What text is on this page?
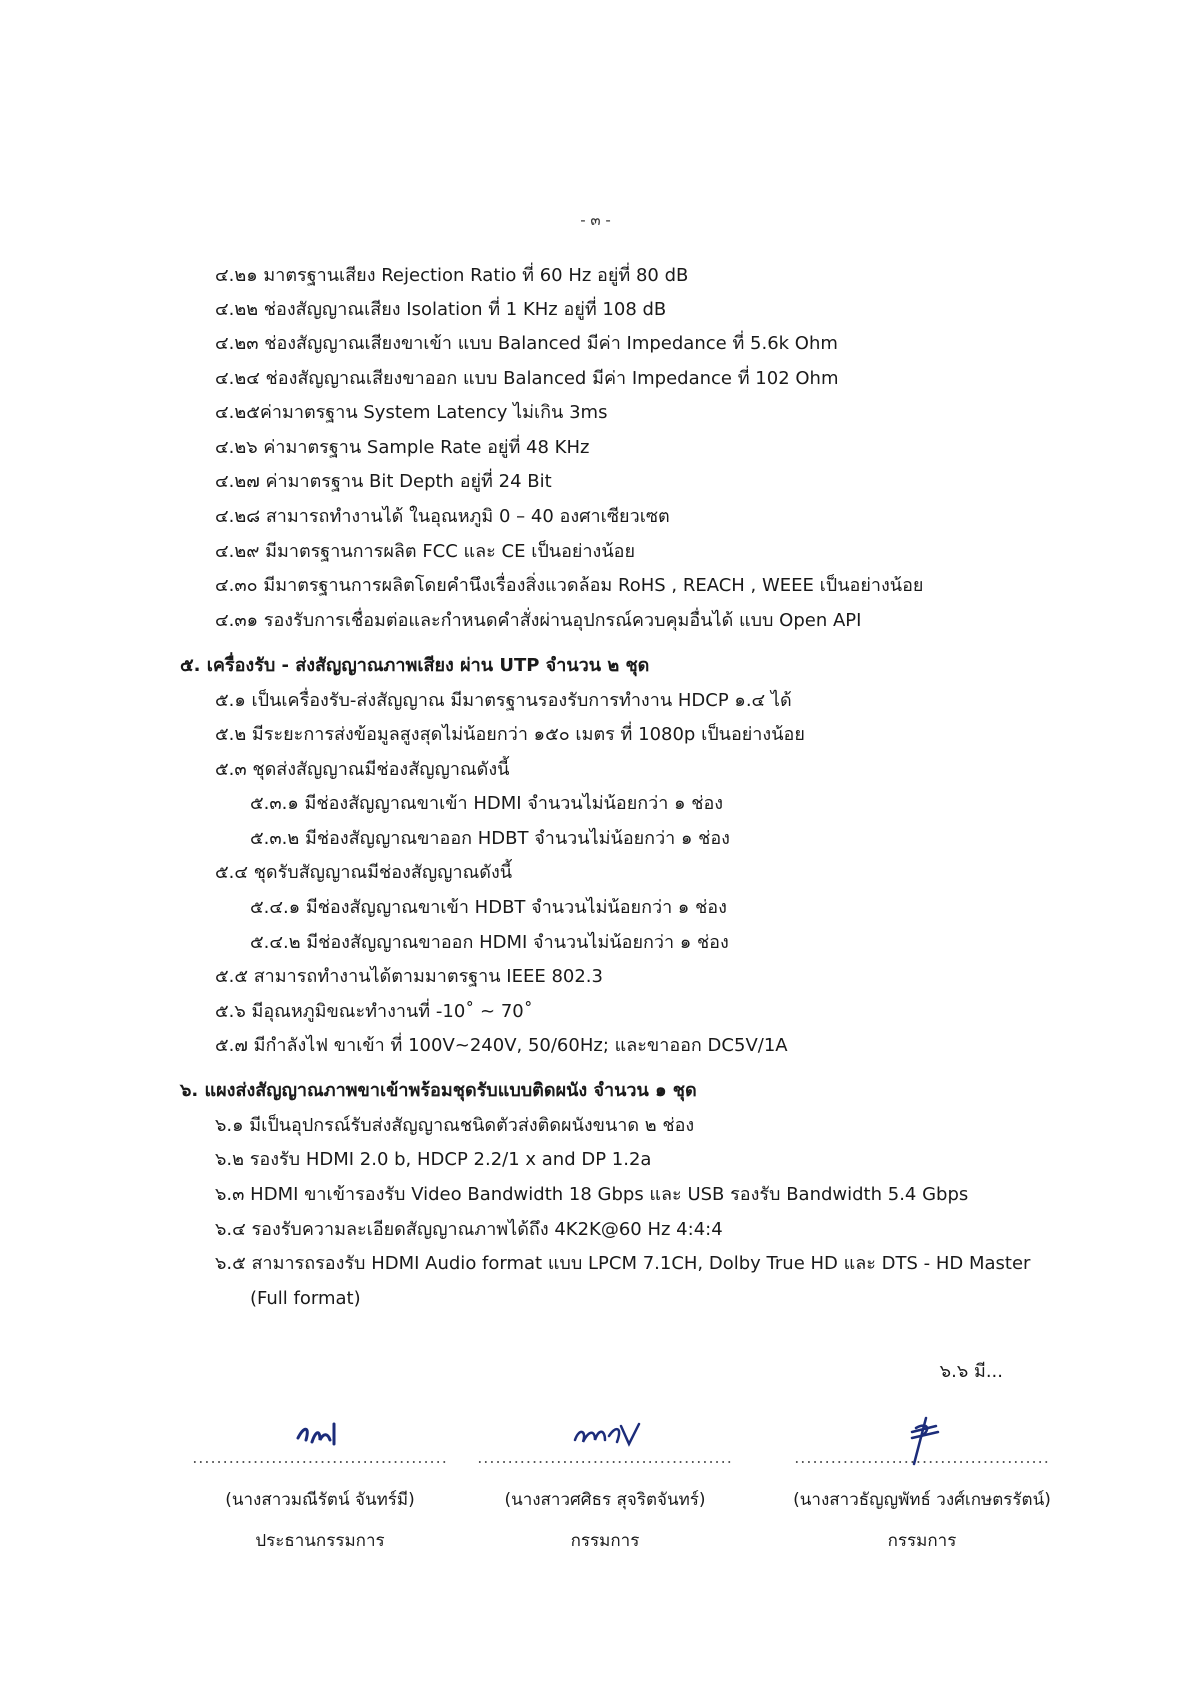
- ๓ -
๔.๒๑ มาตรฐานเสียง Rejection Ratio ที่ 60 Hz อยู่ที่ 80 dB
๔.๒๒ ช่องสัญญาณเสียง Isolation ที่ 1 KHz อยู่ที่ 108 dB
๔.๒๓ ช่องสัญญาณเสียงขาเข้า แบบ Balanced มีค่า Impedance ที่ 5.6k Ohm
๔.๒๔ ช่องสัญญาณเสียงขาออก แบบ Balanced มีค่า Impedance ที่ 102 Ohm
๔.๒๕ค่ามาตรฐาน System Latency ไม่เกิน 3ms
๔.๒๖ ค่ามาตรฐาน Sample Rate อยู่ที่ 48 KHz
๔.๒๗ ค่ามาตรฐาน Bit Depth อยู่ที่ 24 Bit
๔.๒๘ สามารถทำงานได้ ในอุณหภูมิ 0 – 40 องศาเซียวเซต
๔.๒๙ มีมาตรฐานการผลิต FCC และ CE เป็นอย่างน้อย
๔.๓๐ มีมาตรฐานการผลิตโดยคำนึงเรื่องสิ่งแวดล้อม RoHS , REACH , WEEE เป็นอย่างน้อย
๔.๓๑ รองรับการเชื่อมต่อและกำหนดคำสั่งผ่านอุปกรณ์ควบคุมอื่นได้ แบบ Open API
๕. เครื่องรับ - ส่งสัญญาณภาพเสียง ผ่าน UTP จำนวน ๒ ชุด
๕.๑ เป็นเครื่องรับ-ส่งสัญญาณ มีมาตรฐานรองรับการทำงาน HDCP ๑.๔ ได้
๕.๒ มีระยะการส่งข้อมูลสูงสุดไม่น้อยกว่า ๑๕๐ เมตร ที่ 1080p เป็นอย่างน้อย
๕.๓ ชุดส่งสัญญาณมีช่องสัญญาณดังนี้
๕.๓.๑ มีช่องสัญญาณขาเข้า HDMI จำนวนไม่น้อยกว่า ๑ ช่อง
๕.๓.๒ มีช่องสัญญาณขาออก HDBT จำนวนไม่น้อยกว่า ๑ ช่อง
๕.๔ ชุดรับสัญญาณมีช่องสัญญาณดังนี้
๕.๔.๑ มีช่องสัญญาณขาเข้า HDBT จำนวนไม่น้อยกว่า ๑ ช่อง
๕.๔.๒ มีช่องสัญญาณขาออก HDMI จำนวนไม่น้อยกว่า ๑ ช่อง
๕.๕ สามารถทำงานได้ตามมาตรฐาน IEEE 802.3
๕.๖ มีอุณหภูมิขณะทำงานที่ -10˚ ~ 70˚
๕.๗ มีกำลังไฟ ขาเข้า ที่ 100V~240V, 50/60Hz; และขาออก DC5V/1A
๖. แผงส่งสัญญาณภาพขาเข้าพร้อมชุดรับแบบติดผนัง จำนวน ๑ ชุด
๖.๑ มีเป็นอุปกรณ์รับส่งสัญญาณชนิดตัวส่งติดผนังขนาด ๒ ช่อง
๖.๒ รองรับ HDMI 2.0 b, HDCP 2.2/1 x and DP 1.2a
๖.๓ HDMI ขาเข้ารองรับ Video Bandwidth 18 Gbps และ USB รองรับ Bandwidth 5.4 Gbps
๖.๔ รองรับความละเอียดสัญญาณภาพได้ถึง 4K2K@60 Hz 4:4:4
๖.๕ สามารถรองรับ HDMI Audio format แบบ LPCM 7.1CH, Dolby True HD และ DTS - HD Master
(Full format)
๖.๖ มี...
..........................................
(นางสาวมณีรัตน์ จันทร์มี)
ประธานกรรมการ
..........................................
(นางสาวศศิธร สุจริตจันทร์)
กรรมการ
..........................................
(นางสาวธัญญพัทธ์ วงศ์เกษตรรัตน์)
กรรมการ
